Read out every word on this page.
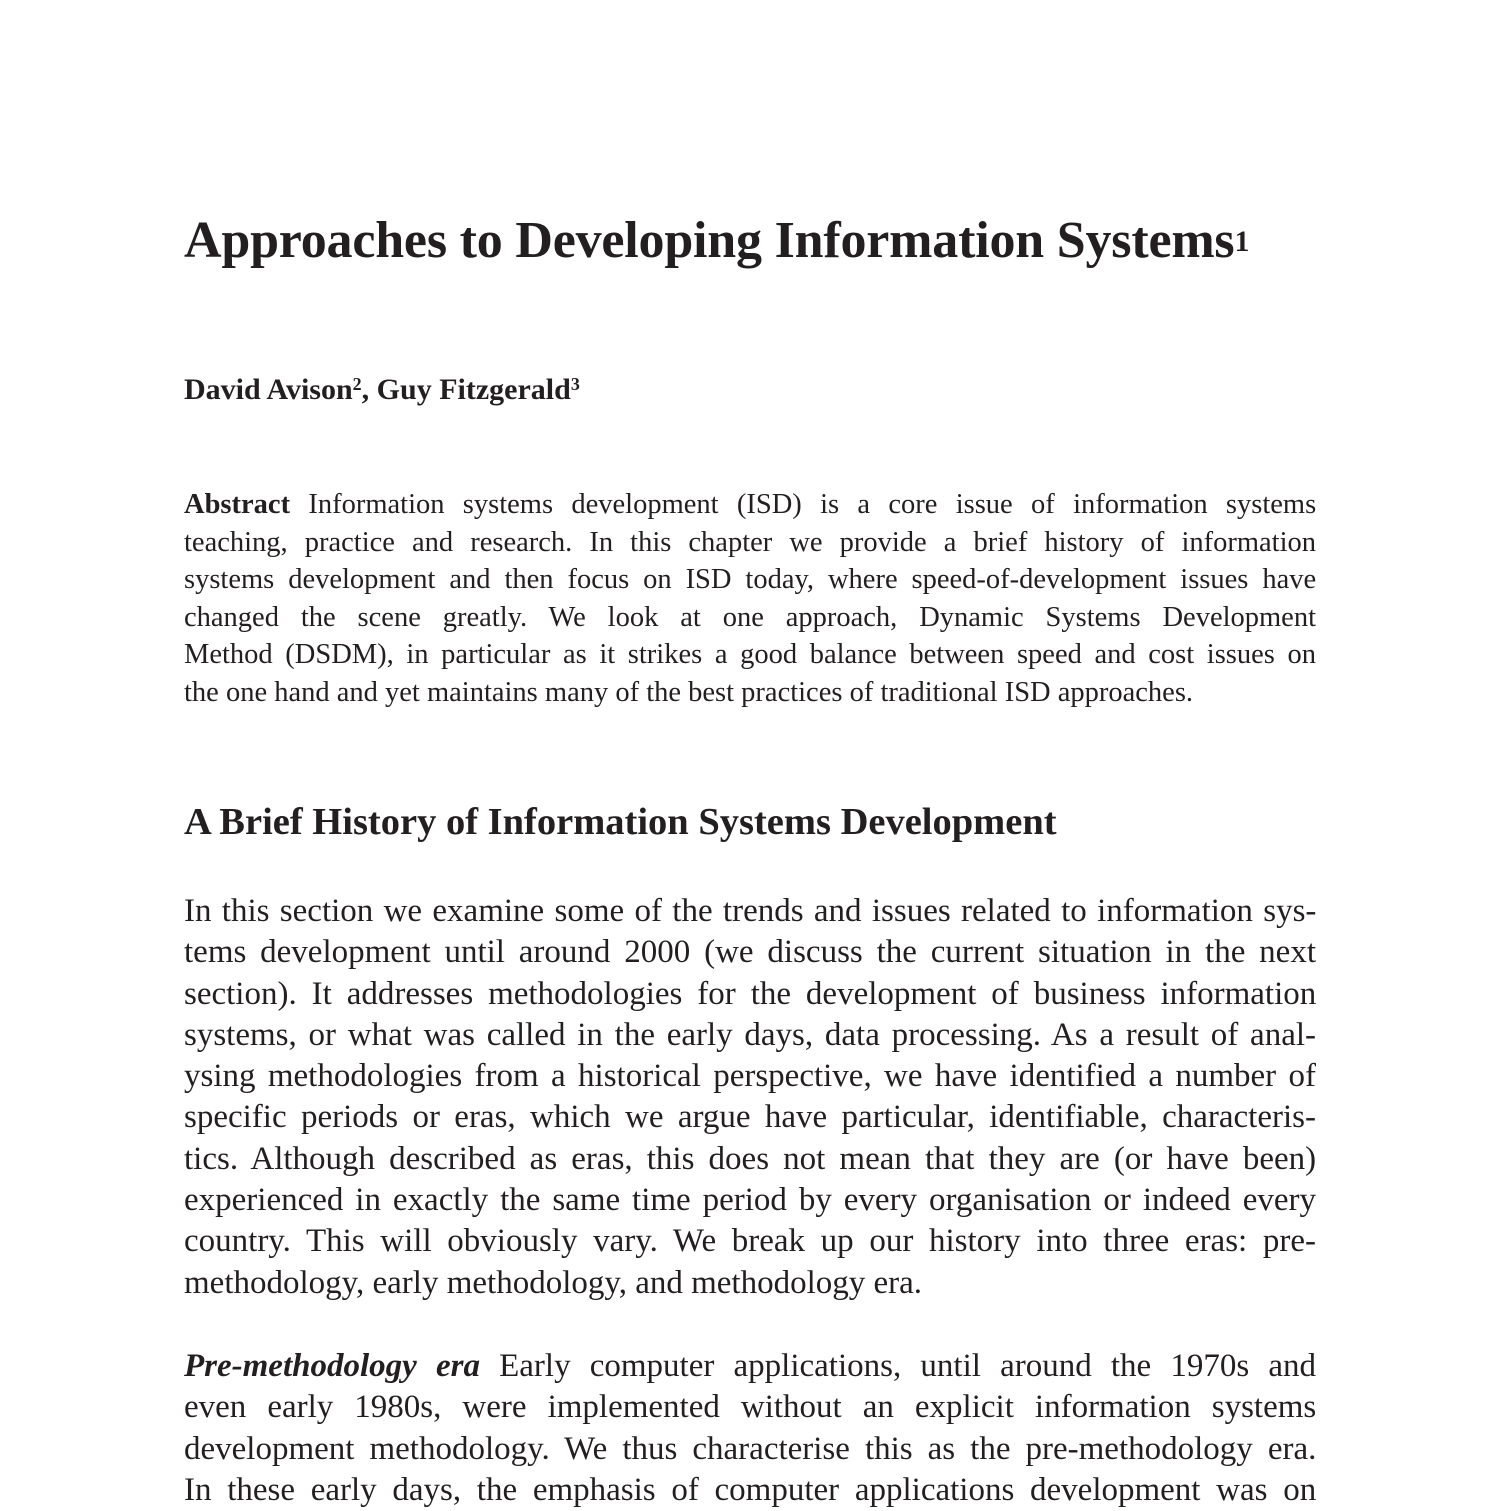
Approaches to Developing Information Systems$^1$
David Avison$^2$, Guy Fitzgerald$^3$
Abstract Information systems development (ISD) is a core issue of information systems
teaching, practice and research. In this chapter we provide a brief history of information
systems development and then focus on ISD today, where speed-of-development issues have
changed the scene greatly. We look at one approach, Dynamic Systems Development
Method (DSDM), in particular as it strikes a good balance between speed and cost issues on
the one hand and yet maintains many of the best practices of traditional ISD approaches.
A Brief History of Information Systems Development
In this section we examine some of the trends and issues related to information sys-
tems development until around 2000 (we discuss the current situation in the next
section). It addresses methodologies for the development of business information
systems, or what was called in the early days, data processing. As a result of anal-
ysing methodologies from a historical perspective, we have identified a number of
specific periods or eras, which we argue have particular, identifiable, characteris-
tics. Although described as eras, this does not mean that they are (or have been)
experienced in exactly the same time period by every organisation or indeed every
country. This will obviously vary. We break up our history into three eras: pre-
methodology, early methodology, and methodology era.
Pre-methodology era Early computer applications, until around the 1970s and
even early 1980s, were implemented without an explicit information systems
development methodology. We thus characterise this as the pre-methodology era.
In these early days, the emphasis of computer applications development was on
